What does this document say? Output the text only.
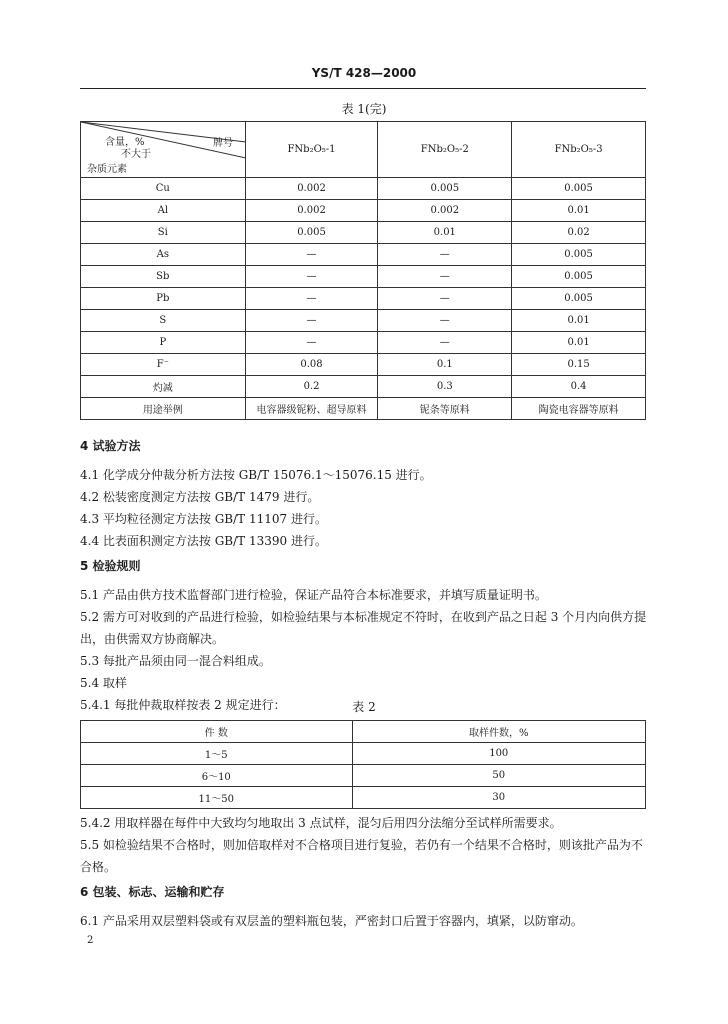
YS/T 428—2000
表 1(完)
含量，%
不大于
牌号
杂质元素	FNb₂O₅-1	FNb₂O₅-2	FNb₂O₅-3
Cu	0.002	0.005	0.005
Al	0.002	0.002	0.01
Si	0.005	0.01	0.02
As	—	—	0.005
Sb	—	—	0.005
Pb	—	—	0.005
S	—	—	0.01
P	—	—	0.01
F⁻	0.08	0.1	0.15
灼减	0.2	0.3	0.4
用途举例	电容器级铌粉、超导原料	铌条等原料	陶瓷电容器等原料
4 试验方法
4.1 化学成分仲裁分析方法按 GB/T 15076.1～15076.15 进行。
4.2 松装密度测定方法按 GB/T 1479 进行。
4.3 平均粒径测定方法按 GB/T 11107 进行。
4.4 比表面积测定方法按 GB/T 13390 进行。
5 检验规则
5.1 产品由供方技术监督部门进行检验，保证产品符合本标准要求，并填写质量证明书。
5.2 需方可对收到的产品进行检验，如检验结果与本标准规定不符时，在收到产品之日起 3 个月内向供方提出，由供需双方协商解决。
5.3 每批产品须由同一混合料组成。
5.4 取样
5.4.1 每批仲裁取样按表 2 规定进行：	表 2
件 数	取样件数，%
1～5	100
6～10	50
11～50	30
5.4.2 用取样器在每件中大致均匀地取出 3 点试样，混匀后用四分法缩分至试样所需要求。
5.5 如检验结果不合格时，则加倍取样对不合格项目进行复验，若仍有一个结果不合格时，则该批产品为不合格。
6 包装、标志、运输和贮存
6.1 产品采用双层塑料袋或有双层盖的塑料瓶包装，严密封口后置于容器内，填紧，以防窜动。
2
